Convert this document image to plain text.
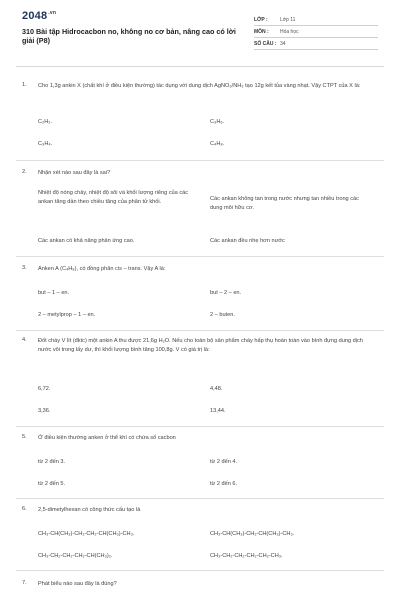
$2048^{.vn}$
310 Bài tập Hidrocacbon no, không no cơ bản, nâng cao có lời giải (P8)
LỚP :	Lớp 11
MÔN :	Hóa học
SỐ CÂU : 34
1.	Cho 1,3g ankin X (chất khí ở điều kiện thường) tác dụng với dung dịch AgNO₃/NH₃ tạo 12g kết tủa vàng nhạt. Vậy CTPT của X là:
C₂H₂.	C₃H₆.
C₃H₄.	C₄H₈.
2.	Nhận xét nào sau đây là sai?
Nhiệt độ nóng chảy, nhiệt độ sôi và khối lượng riêng của các ankan tăng dần theo chiều tăng của phân tử khối.	Các ankan không tan trong nước nhưng tan nhiều trong các dung môi hữu cơ.
Các ankan có khả năng phản ứng cao.	Các ankan đều nhẹ hơn nước
3.	Anken A (C₄H₈), có đồng phân cis – trans. Vậy A là:
but – 1 – en.	but – 2 – en.
2 – metylprop – 1 – en.	2 – buten.
4.	Đốt cháy V lít (đktc) một ankin A thu được 21,6g H₂O. Nếu cho toàn bộ sản phẩm cháy hấp thụ hoàn toàn vào bình đựng dung dịch nước vôi trong lấy dư, thì khối lượng bình tăng 100,8g. V có giá trị là:
6,72.	4,48.
3,36.	13,44.
5.	Ở điều kiện thường anken ở thể khí có chứa số cacbon
từ 2 đến 3.	từ 2 đến 4.
từ 2 đến 5.	từ 2 đến 6.
6.	2,5-dimetylhexan có công thức cấu tạo là
CH₃-CH(CH₃)-CH₂-CH₂-CH(CH₃)-CH₃.	CH₃-CH(CH₃)-CH₂-CH(CH₃)-CH₃.
CH₃-CH₂-CH₂-CH₂-CH(CH₃)₂.	CH₃-CH₂-CH₂-CH₂-CH₂-CH₃.
7.	Phát biểu nào sau đây là đúng?
